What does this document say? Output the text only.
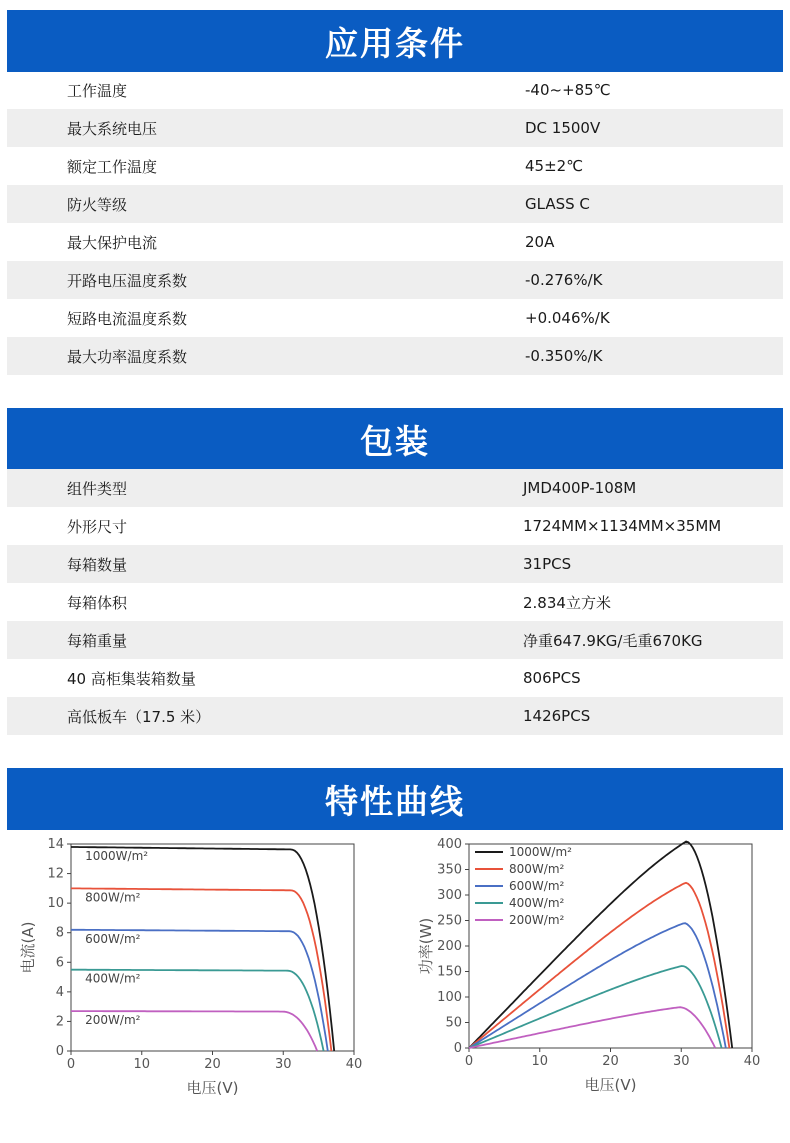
应用条件
工作温度	-40~+85℃
最大系统电压	DC 1500V
额定工作温度	45±2℃
防火等级	GLASS C
最大保护电流	20A
开路电压温度系数	-0.276%/K
短路电流温度系数	+0.046%/K
最大功率温度系数	-0.350%/K
包装
组件类型	JMD400P-108M
外形尺寸	1724MM×1134MM×35MM
每箱数量	31PCS
每箱体积	2.834立方米
每箱重量	净重647.9KG/毛重670KG
40 高柜集装箱数量	806PCS
高低板车（17.5 米）	1426PCS
特性曲线
0	10	20	30	40
0
2
4
6
8
10
12
14
电压(V)
电流(A)
1000W/m²
800W/m²
600W/m²
400W/m²
200W/m²
0	10	20	30	40
0
50
100
150
200
250
300
350
400
电压(V)
功率(W)
1000W/m²
800W/m²
600W/m²
400W/m²
200W/m²
